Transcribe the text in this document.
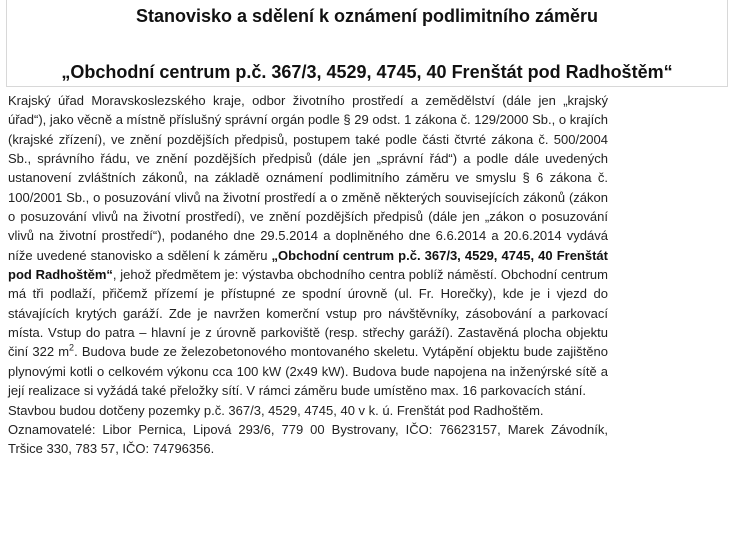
Stanovisko a sdělení k oznámení podlimitního záměru
„Obchodní centrum p.č. 367/3, 4529, 4745, 40 Frenštát pod Radhoštěm“

Krajský úřad Moravskoslezského kraje, odbor životního prostředí a zemědělství (dále jen „krajský úřad“), jako věcně a místně příslušný správní orgán podle § 29 odst. 1 zákona č. 129/2000 Sb., o krajích (krajské zřízení), ve znění pozdějších předpisů, postupem také podle části čtvrté zákona č. 500/2004 Sb., správního řádu, ve znění pozdějších předpisů (dále jen „správní řád“) a podle dále uvedených ustanovení zvláštních zákonů, na základě oznámení podlimitního záměru ve smyslu § 6 zákona č. 100/2001 Sb., o posuzování vlivů na životní prostředí a o změně některých souvisejících zákonů (zákon o posuzování vlivů na životní prostředí), ve znění pozdějších předpisů (dále jen „zákon o posuzování vlivů na životní prostředí“), podaného dne 29.5.2014 a doplněného dne 6.6.2014 a 20.6.2014 vydává níže uvedené stanovisko a sdělení k záměru „Obchodní centrum p.č. 367/3, 4529, 4745, 40 Frenštát pod Radhoštěm“, jehož předmětem je: výstavba obchodního centra poblíž náměstí. Obchodní centrum má tři podlaží, přičemž přízemí je přístupné ze spodní úrovně (ul. Fr. Horečky), kde je i vjezd do stávajících krytých garáží. Zde je navržen komerční vstup pro návštěvníky, zásobování a parkovací místa. Vstup do patra – hlavní je z úrovně parkoviště (resp. střechy garáží). Zastavěná plocha objektu činí 322 $m^2$. Budova bude ze železobetonového montovaného skeletu. Vytápění objektu bude zajištěno plynovými kotli o celkovém výkonu cca 100 kW (2x49 kW). Budova bude napojena na inženýrské sítě a její realizace si vyžádá také přeložky sítí. V rámci záměru bude umístěno max. 16 parkovacích stání.

Stavbou budou dotčeny pozemky p.č. 367/3, 4529, 4745, 40 v k. ú. Frenštát pod Radhoštěm.

Oznamovatelé: Libor Pernica, Lipová 293/6, 779 00 Bystrovany, IČO: 76623157, Marek Závodník, Tršice 330, 783 57, IČO: 74796356.
